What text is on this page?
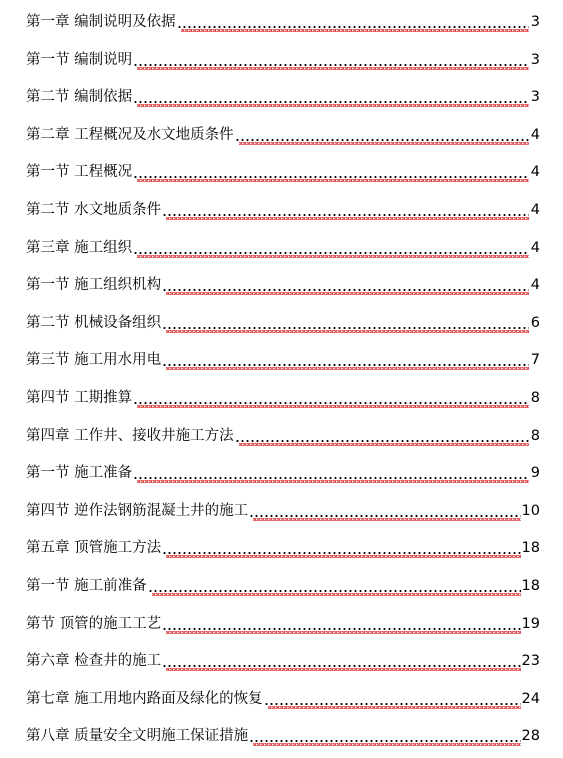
第一章 编制说明及依据	3
第一节 编制说明	3
第二节 编制依据	3
第二章 工程概况及水文地质条件	4
第一节 工程概况	4
第二节 水文地质条件	4
第三章 施工组织	4
第一节 施工组织机构	4
第二节 机械设备组织	6
第三节 施工用水用电	7
第四节 工期推算	8
第四章 工作井、接收井施工方法	8
第一节 施工准备	9
第四节 逆作法钢筋混凝土井的施工	10
第五章 顶管施工方法	18
第一节 施工前准备	18
第节 顶管的施工工艺	19
第六章 检查井的施工	23
第七章 施工用地内路面及绿化的恢复	24
第八章 质量安全文明施工保证措施	28
